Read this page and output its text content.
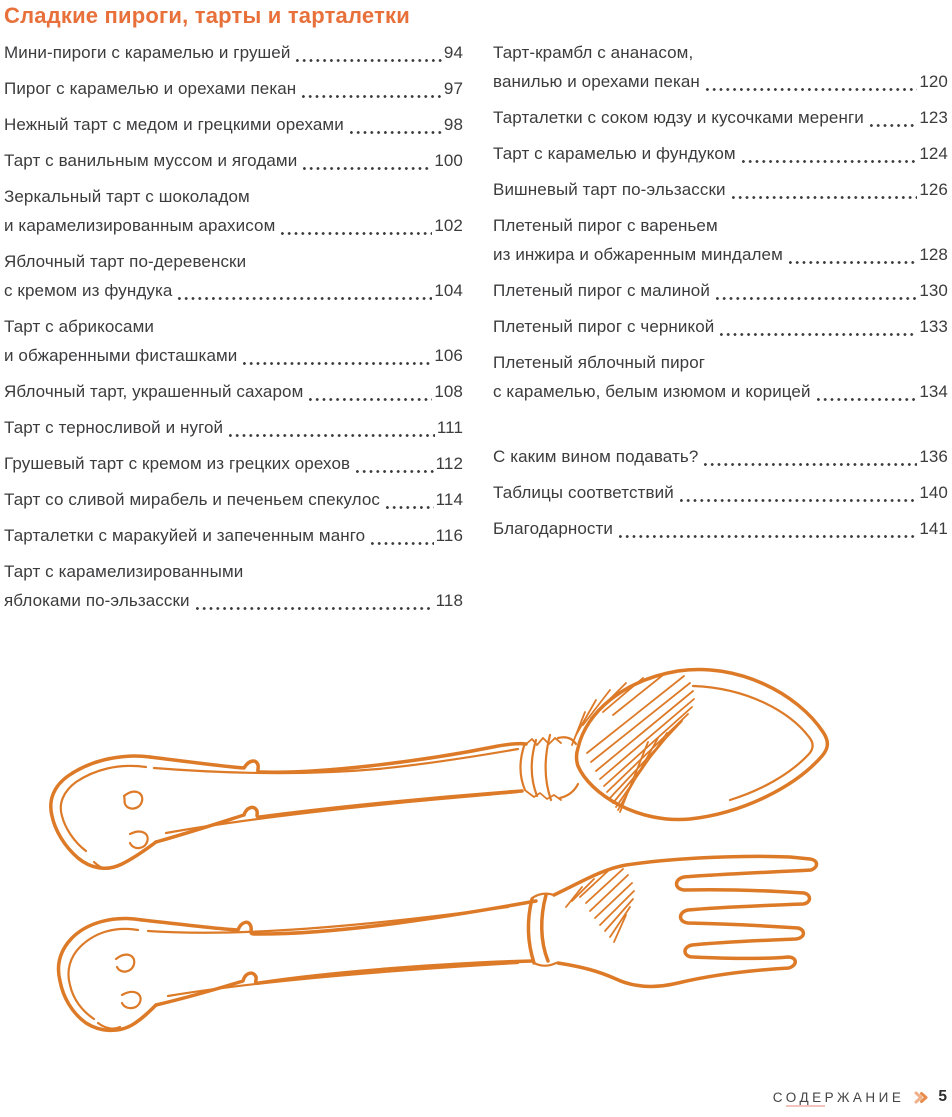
Сладкие пироги, тарты и тарталетки
Мини-пироги с карамелью и грушей	94
Пирог с карамелью и орехами пекан	97
Нежный тарт с медом и грецкими орехами	98
Тарт с ванильным муссом и ягодами	100
Зеркальный тарт с шоколадом
и карамелизированным арахисом	102
Яблочный тарт по-деревенски
с кремом из фундука	104
Тарт с абрикосами
и обжаренными фисташками	106
Яблочный тарт, украшенный сахаром	108
Тарт с терносливой и нугой	111
Грушевый тарт с кремом из грецких орехов	112
Тарт со сливой мирабель и печеньем спекулос	114
Тарталетки с маракуйей и запеченным манго	116
Тарт с карамелизированными
яблоками по-эльзасски	118
Тарт-крамбл с ананасом,
ванилью и орехами пекан	120
Тарталетки с соком юдзу и кусочками меренги	123
Тарт с карамелью и фундуком	124
Вишневый тарт по-эльзасски	126
Плетеный пирог с вареньем
из инжира и обжаренным миндалем	128
Плетеный пирог с малиной	130
Плетеный пирог с черникой	133
Плетеный яблочный пирог
с карамелью, белым изюмом и корицей	134
С каким вином подавать?	136
Таблицы соответствий	140
Благодарности	141
СОДЕРЖАНИЕ 5
